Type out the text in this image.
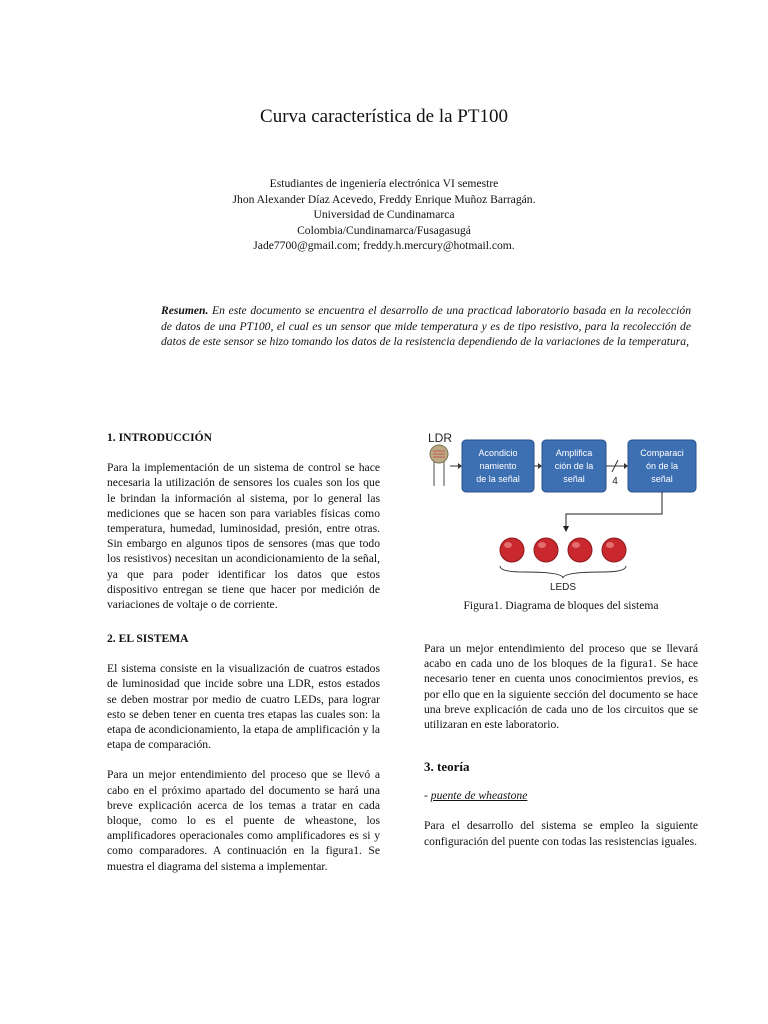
Curva característica de la PT100
Estudiantes de ingeniería electrónica VI semestre
Jhon Alexander Díaz Acevedo, Freddy Enrique Muñoz Barragán.
Universidad de Cundinamarca
Colombia/Cundinamarca/Fusagasugá
Jade7700@gmail.com; freddy.h.mercury@hotmail.com.
Resumen. En este documento se encuentra el desarrollo de una practicad laboratorio basada en la recolección de datos de una PT100, el cual es un sensor que mide temperatura y es de tipo resistivo, para la recolección de datos de este sensor se hizo tomando los datos de la resistencia dependiendo de la variaciones de la temperatura,
1. INTRODUCCIÓN

Para la implementación de un sistema de control se hace necesaria la utilización de sensores los cuales son los que le brindan la información al sistema, por lo general las mediciones que se hacen son para variables físicas como temperatura, humedad, luminosidad, presión, entre otras. Sin embargo en algunos tipos de sensores (mas que todo los resistivos) necesitan un acondicionamiento de la señal, ya que para poder identificar los datos que estos dispositivo entregan se tiene que hacer por medición de variaciones de voltaje o de corriente.

2. EL SISTEMA

El sistema consiste en la visualización de cuatros estados de luminosidad que incide sobre una LDR, estos estados se deben mostrar por medio de cuatro LEDs, para lograr esto se deben tener en cuenta tres etapas las cuales son: la etapa de acondicionamiento, la etapa de amplificación y la etapa de comparación.

Para un mejor entendimiento del proceso que se llevó a cabo en el próximo apartado del documento se hará una breve explicación acerca de los temas a tratar en cada bloque, como lo es el puente de wheastone, los amplificadores operacionales como amplificadores es si y como comparadores. A continuación en la figura1. Se muestra el diagrama del sistema a implementar.

LDR
Acondicio
namiento
de la señal
Amplifica
ción de la
señal	4
Comparaci
ón de la
señal
LEDS
Figura1. Diagrama de bloques del sistema

Para un mejor entendimiento del proceso que se llevará acabo en cada uno de los bloques de la figura1. Se hace necesario tener en cuenta unos conocimientos previos, es por ello que en la siguiente sección del documento se hace una breve explicación de cada uno de los circuitos que se utilizaran en este laboratorio.

3. teoría

- puente de wheastone

Para el desarrollo del sistema se empleo la siguiente configuración del puente con todas las resistencias iguales.
